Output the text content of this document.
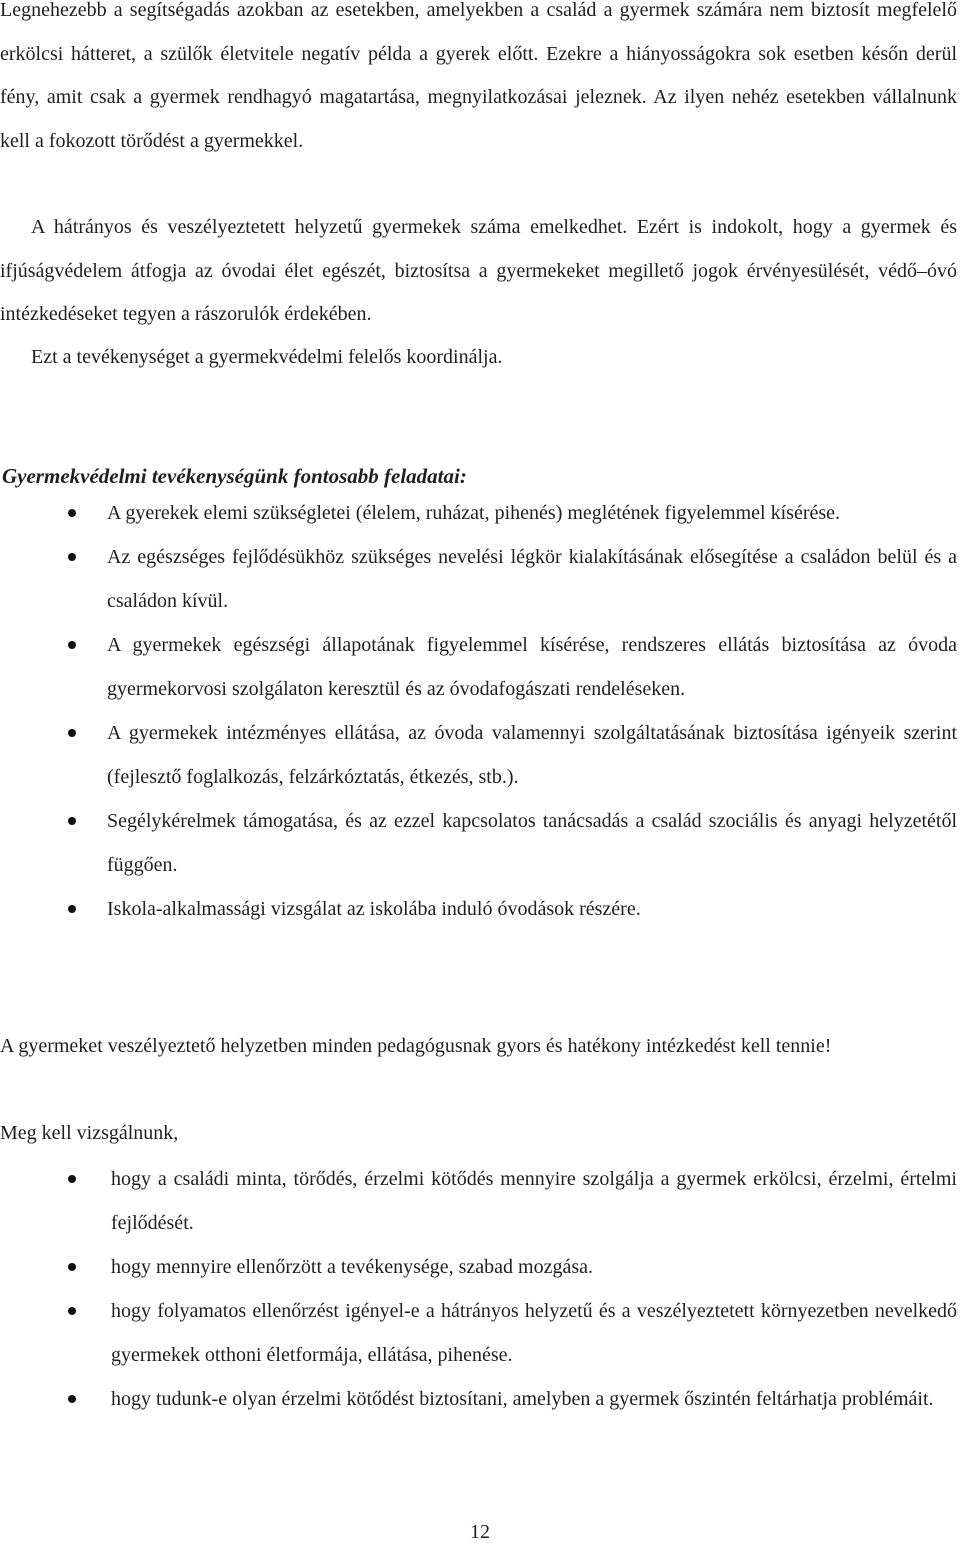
Legnehezebb a segítségadás azokban az esetekben, amelyekben a család a gyermek számára nem biztosít megfelelő erkölcsi hátteret, a szülők életvitele negatív példa a gyerek előtt. Ezekre a hiányosságokra sok esetben későn derül fény, amit csak a gyermek rendhagyó magatartása, megnyilatkozásai jeleznek. Az ilyen nehéz esetekben vállalnunk kell a fokozott törődést a gyermekkel.

A hátrányos és veszélyeztetett helyzetű gyermekek száma emelkedhet. Ezért is indokolt, hogy a gyermek és ifjúságvédelem átfogja az óvodai élet egészét, biztosítsa a gyermekeket megillető jogok érvényesülését, védő–óvó intézkedéseket tegyen a rászorulók érdekében.

Ezt a tevékenységet a gyermekvédelmi felelős koordinálja.

Gyermekvédelmi tevékenységünk fontosabb feladatai:
A gyerekek elemi szükségletei (élelem, ruházat, pihenés) meglétének figyelemmel kísérése.
Az egészséges fejlődésükhöz szükséges nevelési légkör kialakításának elősegítése a családon belül és a családon kívül.
A gyermekek egészségi állapotának figyelemmel kísérése, rendszeres ellátás biztosítása az óvoda gyermekorvosi szolgálaton keresztül és az óvodafogászati rendeléseken.
A gyermekek intézményes ellátása, az óvoda valamennyi szolgáltatásának biztosítása igényeik szerint (fejlesztő foglalkozás, felzárkóztatás, étkezés, stb.).
Segélykérelmek támogatása, és az ezzel kapcsolatos tanácsadás a család szociális és anyagi helyzetétől függően.
Iskola-alkalmassági vizsgálat az iskolába induló óvodások részére.

A gyermeket veszélyeztető helyzetben minden pedagógusnak gyors és hatékony intézkedést kell tennie!

Meg kell vizsgálnunk,

hogy a családi minta, törődés, érzelmi kötődés mennyire szolgálja a gyermek erkölcsi, érzelmi, értelmi fejlődését.
hogy mennyire ellenőrzött a tevékenysége, szabad mozgása.
hogy folyamatos ellenőrzést igényel-e a hátrányos helyzetű és a veszélyeztetett környezetben nevelkedő gyermekek otthoni életformája, ellátása, pihenése.
hogy tudunk-e olyan érzelmi kötődést biztosítani, amelyben a gyermek őszintén feltárhatja problémáit.
12
